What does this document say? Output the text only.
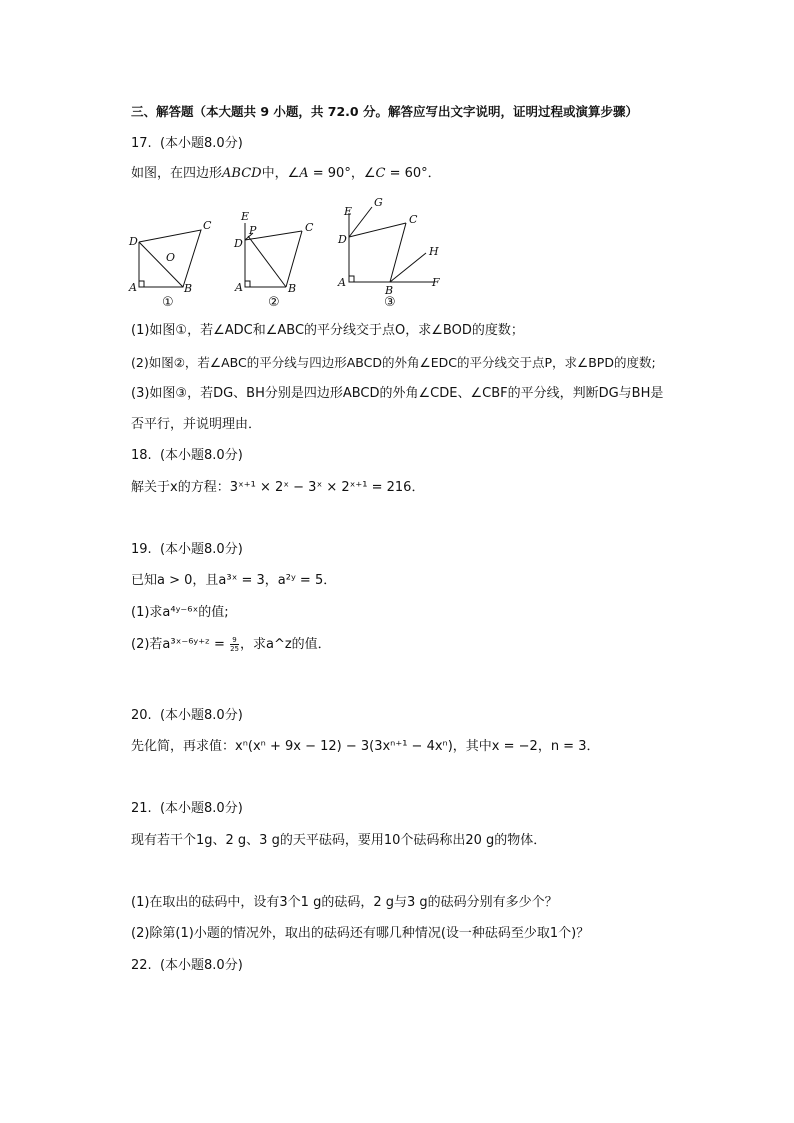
三、解答题（本大题共 9 小题，共 72.0 分。解答应写出文字说明，证明过程或演算步骤）
17. (本小题8.0分)
如图，在四边形ABCD中，∠A = 90°，∠C = 60°．
C
D
O
A	B
①
E
P
D
C
A	B
②
E
G
C
D
H
A
B
F
③
(1)如图①，若∠ADC和∠ABC的平分线交于点O，求∠BOD的度数；
(2)如图②，若∠ABC的平分线与四边形ABCD的外角∠EDC的平分线交于点P，求∠BPD的度数;
(3)如图③，若DG、BH分别是四边形ABCD的外角∠CDE、∠CBF的平分线，判断DG与BH是
否平行，并说明理由．
18. (本小题8.0分)
解关于x的方程：3ˣ⁺¹ × 2ˣ − 3ˣ × 2ˣ⁺¹ = 216．
19. (本小题8.0分)
已知a > 0，且a³ˣ = 3，a²ʸ = 5．
(1)求a⁴ʸ⁻⁶ˣ的值;
(2)若a³ˣ⁻⁶ʸ⁺ᶻ = $\frac{9}{25}$ ，求a^z的值．
20. (本小题8.0分)
先化简，再求值：xⁿ(xⁿ + 9x − 12) − 3(3xⁿ⁺¹ − 4xⁿ)，其中x = −2，n = 3．
21. (本小题8.0分)
现有若干个1g、2 g、3 g的天平砝码，要用10个砝码称出20 g的物体．
(1)在取出的砝码中，设有3个1 g的砝码，2 g与3 g的砝码分别有多少个？
(2)除第(1)小题的情况外，取出的砝码还有哪几种情况(设一种砝码至少取1个)？
22. (本小题8.0分)
